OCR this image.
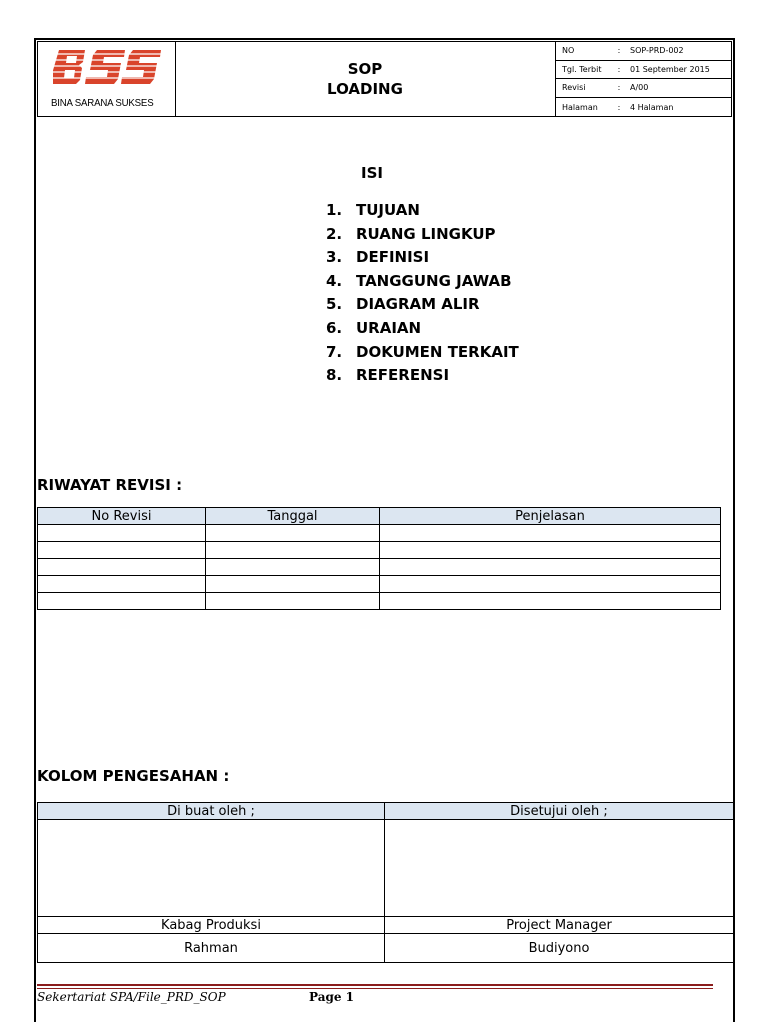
BINA SARANA SUKSES
SOP
LOADING
NO	:	SOP-PRD-002
Tgl. Terbit	:	01 September 2015
Revisi	:	A/00
Halaman	:	4 Halaman
ISI
1. TUJUAN
2. RUANG LINGKUP
3. DEFINISI
4. TANGGUNG JAWAB
5. DIAGRAM ALIR
6. URAIAN
7. DOKUMEN TERKAIT
8. REFERENSI
RIWAYAT REVISI :
No Revisi	Tanggal	Penjelasan

KOLOM PENGESAHAN :
Di buat oleh ;	Disetujui oleh ;

Kabag Produksi	Project Manager
Rahman	Budiyono
Sekertariat SPA/File_PRD_SOP	Page 1
